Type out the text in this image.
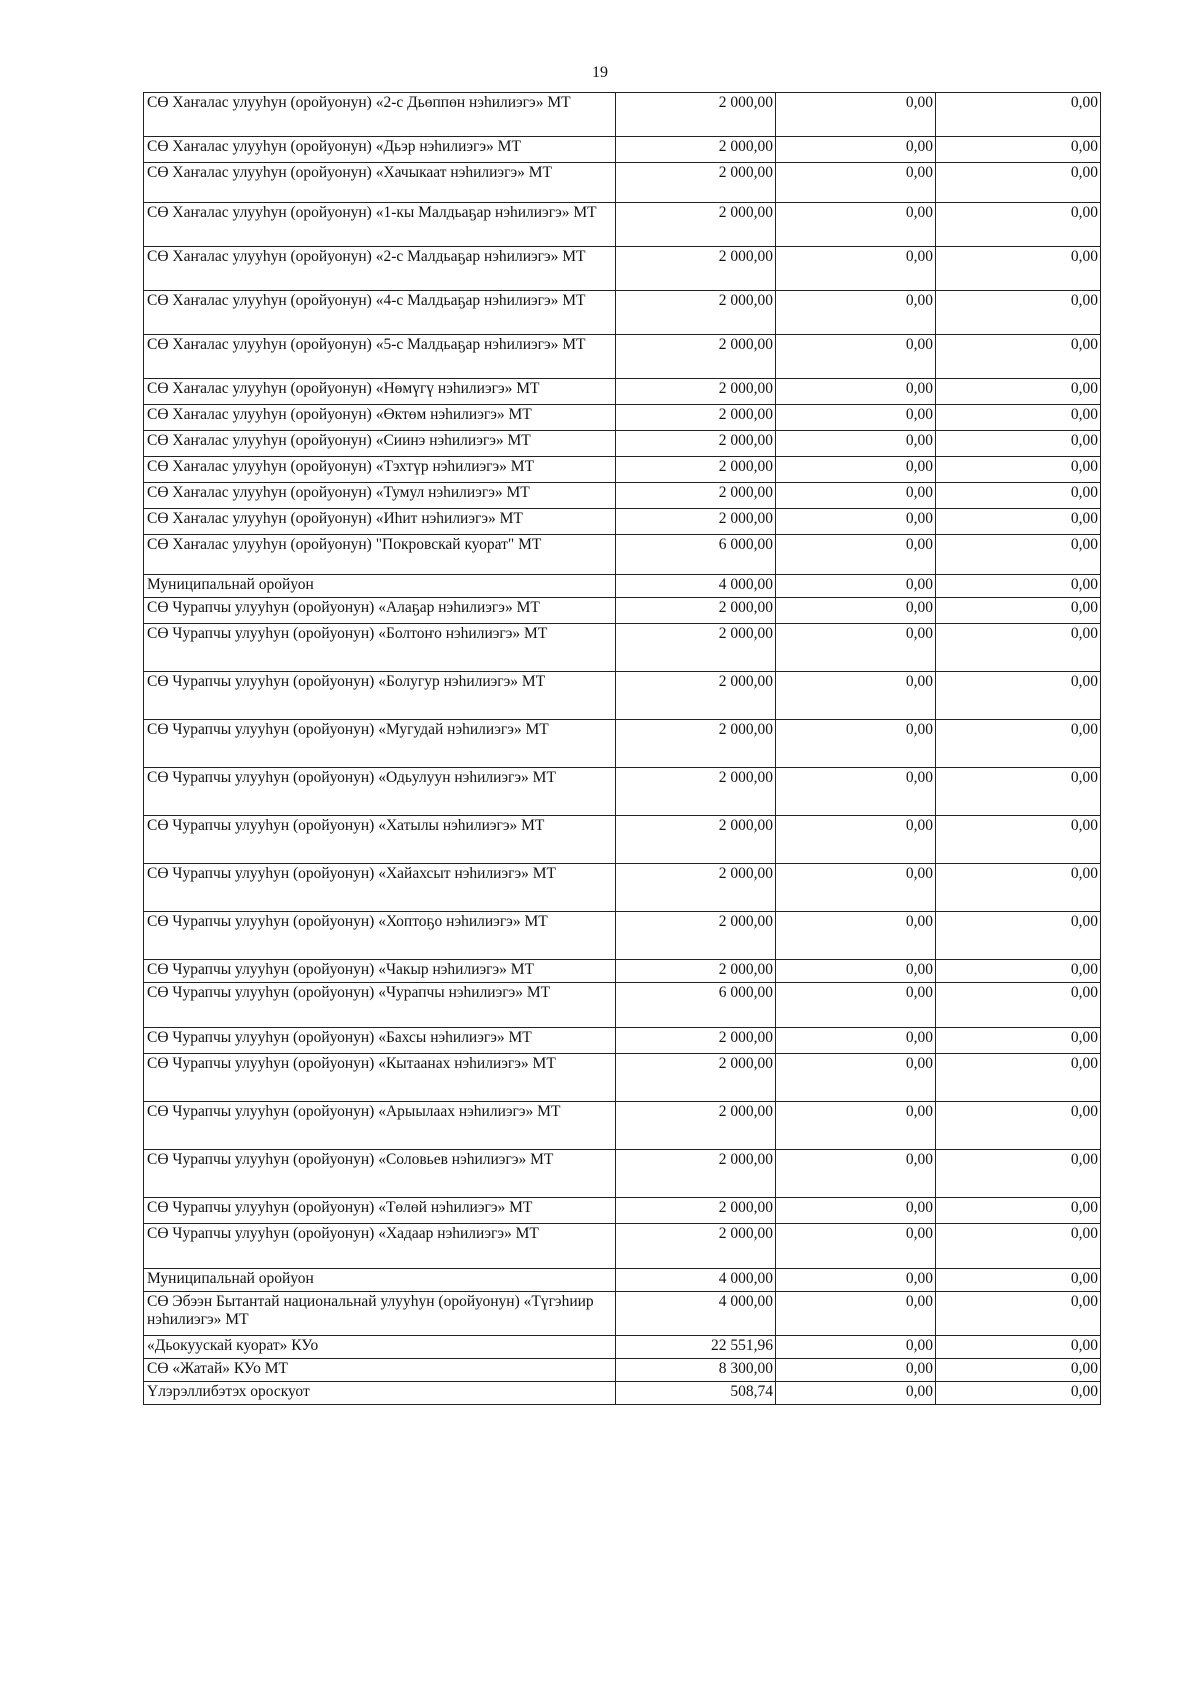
19
СӨ Хаҥалас улууһун (оройуонун) «2-с Дьөппөн нэһилиэгэ» МТ	2 000,00	0,00	0,00
СӨ Хаҥалас улууһун (оройуонун) «Дьэр нэһилиэгэ» МТ	2 000,00	0,00	0,00
СӨ Хаҥалас улууһун (оройуонун) «Хачыкаат нэһилиэгэ» МТ	2 000,00	0,00	0,00
СӨ Хаҥалас улууһун (оройуонун) «1-кы Малдьаҕар нэһилиэгэ» МТ	2 000,00	0,00	0,00
СӨ Хаҥалас улууһун (оройуонун) «2-с Малдьаҕар нэһилиэгэ» МТ	2 000,00	0,00	0,00
СӨ Хаҥалас улууһун (оройуонун) «4-с Малдьаҕар нэһилиэгэ» МТ	2 000,00	0,00	0,00
СӨ Хаҥалас улууһун (оройуонун) «5-с Малдьаҕар нэһилиэгэ» МТ	2 000,00	0,00	0,00
СӨ Хаҥалас улууһун (оройуонун) «Нөмүгү нэһилиэгэ» МТ	2 000,00	0,00	0,00
СӨ Хаҥалас улууһун (оройуонун) «Өктөм нэһилиэгэ» МТ	2 000,00	0,00	0,00
СӨ Хаҥалас улууһун (оройуонун) «Сиинэ нэһилиэгэ» МТ	2 000,00	0,00	0,00
СӨ Хаҥалас улууһун (оройуонун) «Тэхтүр нэһилиэгэ» МТ	2 000,00	0,00	0,00
СӨ Хаҥалас улууһун (оройуонун) «Тумул нэһилиэгэ» МТ	2 000,00	0,00	0,00
СӨ Хаҥалас улууһун (оройуонун) «Иһит нэһилиэгэ» МТ	2 000,00	0,00	0,00
СӨ Хаҥалас улууһун (оройуонун) "Покровскай куорат" МТ	6 000,00	0,00	0,00
Муниципальнай оройуон	4 000,00	0,00	0,00
СӨ Чурапчы улууһун (оройуонун) «Алаҕар нэһилиэгэ» МТ	2 000,00	0,00	0,00
СӨ Чурапчы улууһун (оройуонун) «Болтоҥо нэһилиэгэ» МТ	2 000,00	0,00	0,00
СӨ Чурапчы улууһун (оройуонун) «Болугур нэһилиэгэ» МТ	2 000,00	0,00	0,00
СӨ Чурапчы улууһун (оройуонун) «Мугудай нэһилиэгэ» МТ	2 000,00	0,00	0,00
СӨ Чурапчы улууһун (оройуонун) «Одьулуун нэһилиэгэ» МТ	2 000,00	0,00	0,00
СӨ Чурапчы улууһун (оройуонун) «Хатылы нэһилиэгэ» МТ	2 000,00	0,00	0,00
СӨ Чурапчы улууһун (оройуонун) «Хайахсыт нэһилиэгэ» МТ	2 000,00	0,00	0,00
СӨ Чурапчы улууһун (оройуонун) «Хоптоҕо нэһилиэгэ» МТ	2 000,00	0,00	0,00
СӨ Чурапчы улууһун (оройуонун) «Чакыр нэһилиэгэ» МТ	2 000,00	0,00	0,00
СӨ Чурапчы улууһун (оройуонун) «Чурапчы нэһилиэгэ» МТ	6 000,00	0,00	0,00
СӨ Чурапчы улууһун (оройуонун) «Бахсы нэһилиэгэ» МТ	2 000,00	0,00	0,00
СӨ Чурапчы улууһун (оройуонун) «Кытаанах нэһилиэгэ» МТ	2 000,00	0,00	0,00
СӨ Чурапчы улууһун (оройуонун) «Арыылаах нэһилиэгэ» МТ	2 000,00	0,00	0,00
СӨ Чурапчы улууһун (оройуонун) «Соловьев нэһилиэгэ» МТ	2 000,00	0,00	0,00
СӨ Чурапчы улууһун (оройуонун) «Төлөй нэһилиэгэ» МТ	2 000,00	0,00	0,00
СӨ Чурапчы улууһун (оройуонун) «Хадаар нэһилиэгэ» МТ	2 000,00	0,00	0,00
Муниципальнай оройуон	4 000,00	0,00	0,00
СӨ Эбээн Бытантай национальнай улууһун (оройуонун) «Түгэһиир нэһилиэгэ» МТ	4 000,00	0,00	0,00
«Дьокуускай куорат» КУо	22 551,96	0,00	0,00
СӨ «Жатай» КУо МТ	8 300,00	0,00	0,00
Үлэрэллибэтэх ороскуот	508,74	0,00	0,00
